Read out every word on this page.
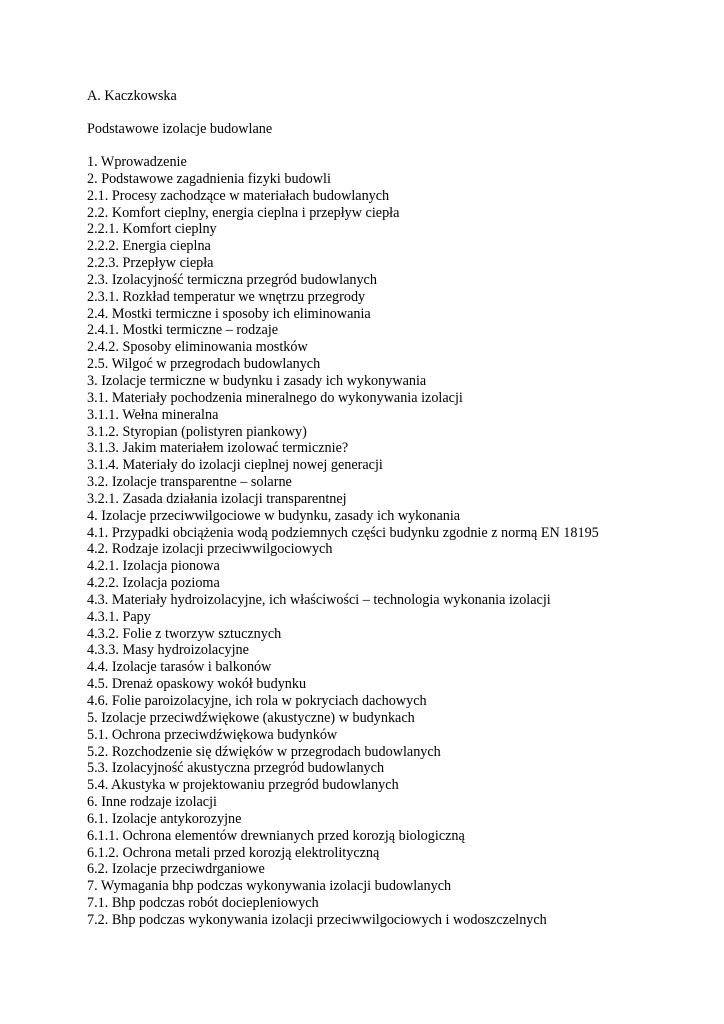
A. Kaczkowska
Podstawowe izolacje budowlane
1. Wprowadzenie
2. Podstawowe zagadnienia fizyki budowli
2.1. Procesy zachodzące w materiałach budowlanych
2.2. Komfort cieplny, energia cieplna i przepływ ciepła
2.2.1. Komfort cieplny
2.2.2. Energia cieplna
2.2.3. Przepływ ciepła
2.3. Izolacyjność termiczna przegród budowlanych
2.3.1. Rozkład temperatur we wnętrzu przegrody
2.4. Mostki termiczne i sposoby ich eliminowania
2.4.1. Mostki termiczne – rodzaje
2.4.2. Sposoby eliminowania mostków
2.5. Wilgoć w przegrodach budowlanych
3. Izolacje termiczne w budynku i zasady ich wykonywania
3.1. Materiały pochodzenia mineralnego do wykonywania izolacji
3.1.1. Wełna mineralna
3.1.2. Styropian (polistyren piankowy)
3.1.3. Jakim materiałem izolować termicznie?
3.1.4. Materiały do izolacji cieplnej nowej generacji
3.2. Izolacje transparentne – solarne
3.2.1. Zasada działania izolacji transparentnej
4. Izolacje przeciwwilgociowe w budynku, zasady ich wykonania
4.1. Przypadki obciążenia wodą podziemnych części budynku zgodnie z normą EN 18195
4.2. Rodzaje izolacji przeciwwilgociowych
4.2.1. Izolacja pionowa
4.2.2. Izolacja pozioma
4.3. Materiały hydroizolacyjne, ich właściwości – technologia wykonania izolacji
4.3.1. Papy
4.3.2. Folie z tworzyw sztucznych
4.3.3. Masy hydroizolacyjne
4.4. Izolacje tarasów i balkonów
4.5. Drenaż opaskowy wokół budynku
4.6. Folie paroizolacyjne, ich rola w pokryciach dachowych
5. Izolacje przeciwdźwiękowe (akustyczne) w budynkach
5.1. Ochrona przeciwdźwiękowa budynków
5.2. Rozchodzenie się dźwięków w przegrodach budowlanych
5.3. Izolacyjność akustyczna przegród budowlanych
5.4. Akustyka w projektowaniu przegród budowlanych
6. Inne rodzaje izolacji
6.1. Izolacje antykorozyjne
6.1.1. Ochrona elementów drewnianych przed korozją biologiczną
6.1.2. Ochrona metali przed korozją elektrolityczną
6.2. Izolacje przeciwdrganiowe
7. Wymagania bhp podczas wykonywania izolacji budowlanych
7.1. Bhp podczas robót dociepleniowych
7.2. Bhp podczas wykonywania izolacji przeciwwilgociowych i wodoszczelnych
